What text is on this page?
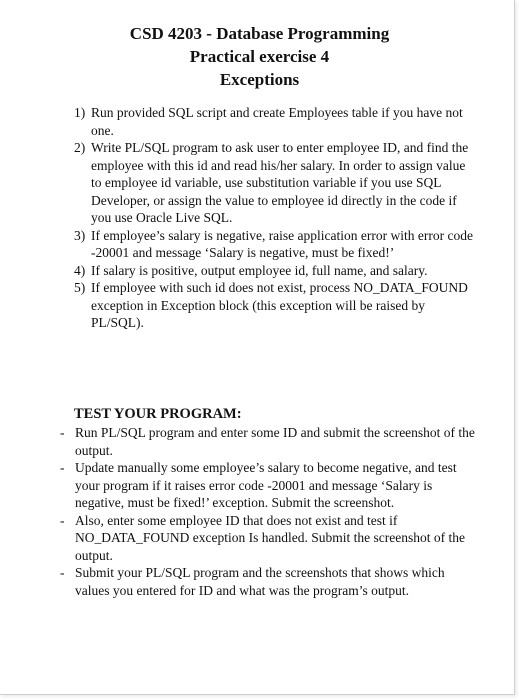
CSD 4203 - Database Programming
Practical exercise 4
Exceptions
1) Run provided SQL script and create Employees table if you have not one.
2) Write PL/SQL program to ask user to enter employee ID, and find the employee with this id and read his/her salary. In order to assign value to employee id variable, use substitution variable if you use SQL Developer, or assign the value to employee id directly in the code if you use Oracle Live SQL.
3) If employee’s salary is negative, raise application error with error code -20001 and message ‘Salary is negative, must be fixed!’
4) If salary is positive, output employee id, full name, and salary.
5) If employee with such id does not exist, process NO_DATA_FOUND exception in Exception block (this exception will be raised by PL/SQL).
TEST YOUR PROGRAM:
- Run PL/SQL program and enter some ID and submit the screenshot of the output.
- Update manually some employee’s salary to become negative, and test your program if it raises error code -20001 and message ‘Salary is negative, must be fixed!’ exception. Submit the screenshot.
- Also, enter some employee ID that does not exist and test if NO_DATA_FOUND exception Is handled. Submit the screenshot of the output.
- Submit your PL/SQL program and the screenshots that shows which values you entered for ID and what was the program’s output.
